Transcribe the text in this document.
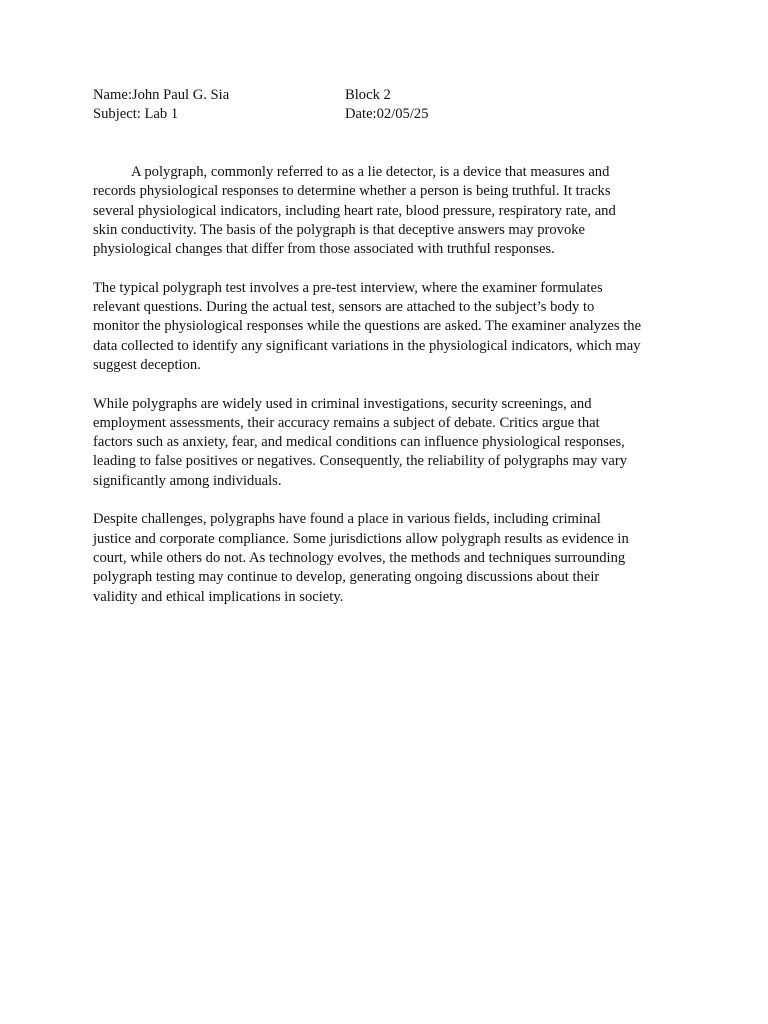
Name:John Paul G. Sia	Block 2
Subject: Lab 1	Date:02/05/25

A polygraph, commonly referred to as a lie detector, is a device that measures and
records physiological responses to determine whether a person is being truthful. It tracks
several physiological indicators, including heart rate, blood pressure, respiratory rate, and
skin conductivity. The basis of the polygraph is that deceptive answers may provoke
physiological changes that differ from those associated with truthful responses.

The typical polygraph test involves a pre-test interview, where the examiner formulates
relevant questions. During the actual test, sensors are attached to the subject’s body to
monitor the physiological responses while the questions are asked. The examiner analyzes the
data collected to identify any significant variations in the physiological indicators, which may
suggest deception.

While polygraphs are widely used in criminal investigations, security screenings, and
employment assessments, their accuracy remains a subject of debate. Critics argue that
factors such as anxiety, fear, and medical conditions can influence physiological responses,
leading to false positives or negatives. Consequently, the reliability of polygraphs may vary
significantly among individuals.

Despite challenges, polygraphs have found a place in various fields, including criminal
justice and corporate compliance. Some jurisdictions allow polygraph results as evidence in
court, while others do not. As technology evolves, the methods and techniques surrounding
polygraph testing may continue to develop, generating ongoing discussions about their
validity and ethical implications in society.
